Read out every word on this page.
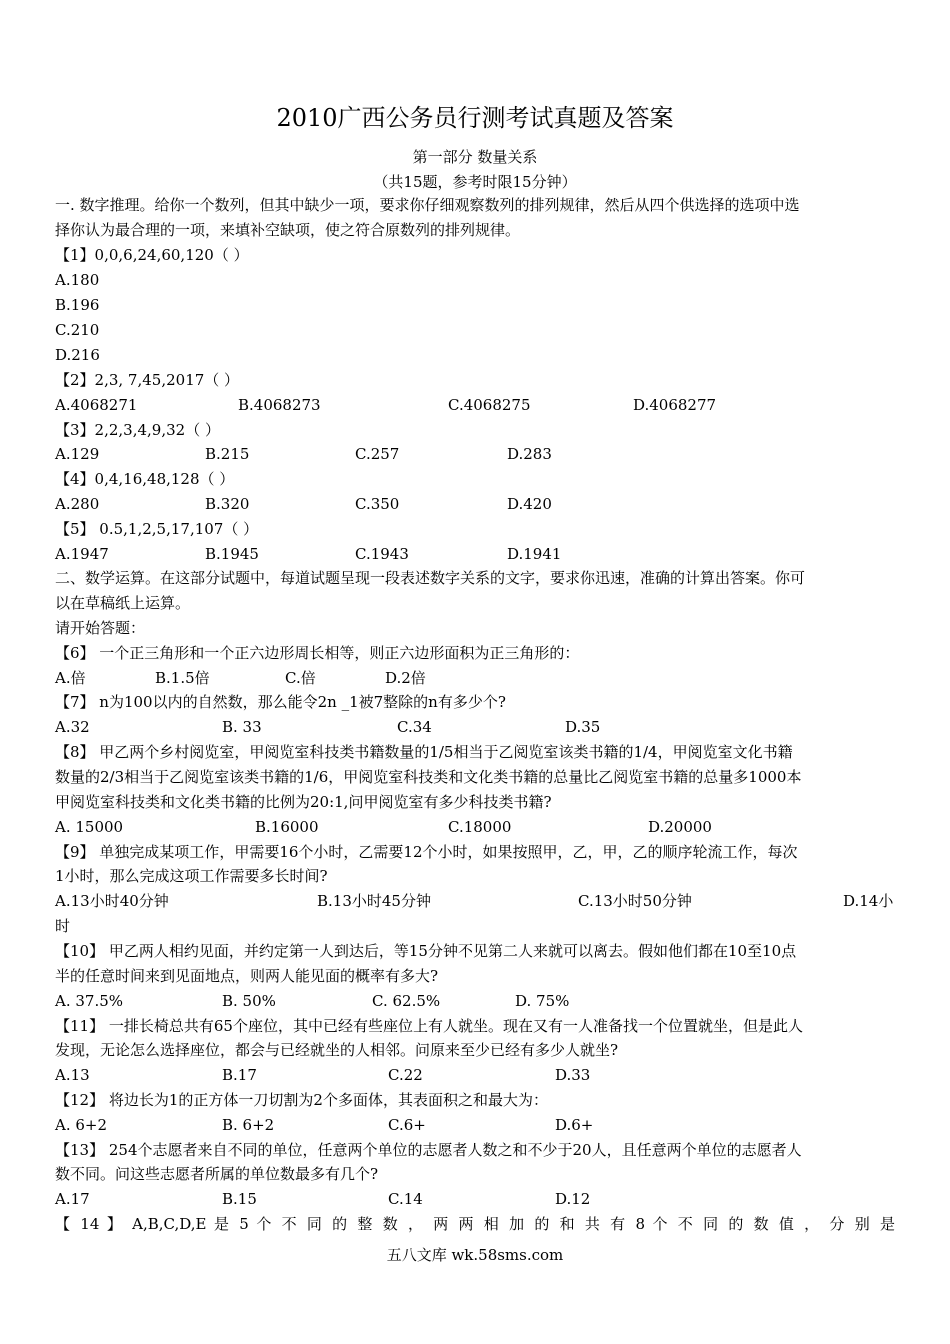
2010广西公务员行测考试真题及答案
第一部分 数量关系
（共15题，参考时限15分钟）
一. 数字推理。给你一个数列，但其中缺少一项，要求你仔细观察数列的排列规律，然后从四个供选择的选项中选
择你认为最合理的一项，来填补空缺项，使之符合原数列的排列规律。
【1】0,0,6,24,60,120（ ）
A.180
B.196
C.210
D.216
【2】2,3, 7,45,2017（ ）
A.4068271	B.4068273	C.4068275	D.4068277
【3】2,2,3,4,9,32（ ）
A.129	B.215	C.257	D.283
【4】0,4,16,48,128（ ）
A.280	B.320	C.350	D.420
【5】 0.5,1,2,5,17,107（ ）
A.1947	B.1945	C.1943	D.1941
二、数学运算。在这部分试题中，每道试题呈现一段表述数字关系的文字，要求你迅速，准确的计算出答案。你可
以在草稿纸上运算。
请开始答题：
【6】 一个正三角形和一个正六边形周长相等，则正六边形面积为正三角形的：
A.倍	B.1.5倍	C.倍	D.2倍
【7】 n为100以内的自然数，那么能令2n _1被7整除的n有多少个?
A.32	B. 33	C.34	D.35
【8】 甲乙两个乡村阅览室，甲阅览室科技类书籍数量的1/5相当于乙阅览室该类书籍的1/4，甲阅览室文化书籍
数量的2/3相当于乙阅览室该类书籍的1/6，甲阅览室科技类和文化类书籍的总量比乙阅览室书籍的总量多1000本
甲阅览室科技类和文化类书籍的比例为20:1,问甲阅览室有多少科技类书籍?
A. 15000	B.16000	C.18000	D.20000
【9】 单独完成某项工作，甲需要16个小时，乙需要12个小时，如果按照甲，乙，甲，乙的顺序轮流工作，每次
1小时，那么完成这项工作需要多长时间?
A.13小时40分钟	B.13小时45分钟	C.13小时50分钟	D.14小
时
【10】 甲乙两人相约见面，并约定第一人到达后，等15分钟不见第二人来就可以离去。假如他们都在10至10点
半的任意时间来到见面地点，则两人能见面的概率有多大?
A. 37.5%	B. 50%	C. 62.5%	D. 75%
【11】 一排长椅总共有65个座位，其中已经有些座位上有人就坐。现在又有一人准备找一个位置就坐，但是此人
发现，无论怎么选择座位，都会与已经就坐的人相邻。问原来至少已经有多少人就坐?
A.13	B.17	C.22	D.33
【12】 将边长为1的正方体一刀切割为2个多面体，其表面积之和最大为：
A. 6+2	B. 6+2	C.6+	D.6+
【13】 254个志愿者来自不同的单位，任意两个单位的志愿者人数之和不少于20人，且任意两个单位的志愿者人
数不同。问这些志愿者所属的单位数最多有几个?
A.17	B.15	C.14	D.12
【 14 】 A,B,C,D,E 是 5 个 不 同 的 整 数 ， 两 两 相 加 的 和 共 有 8 个 不 同 的 数 值 ， 分 别 是
五八文库 wk.58sms.com
